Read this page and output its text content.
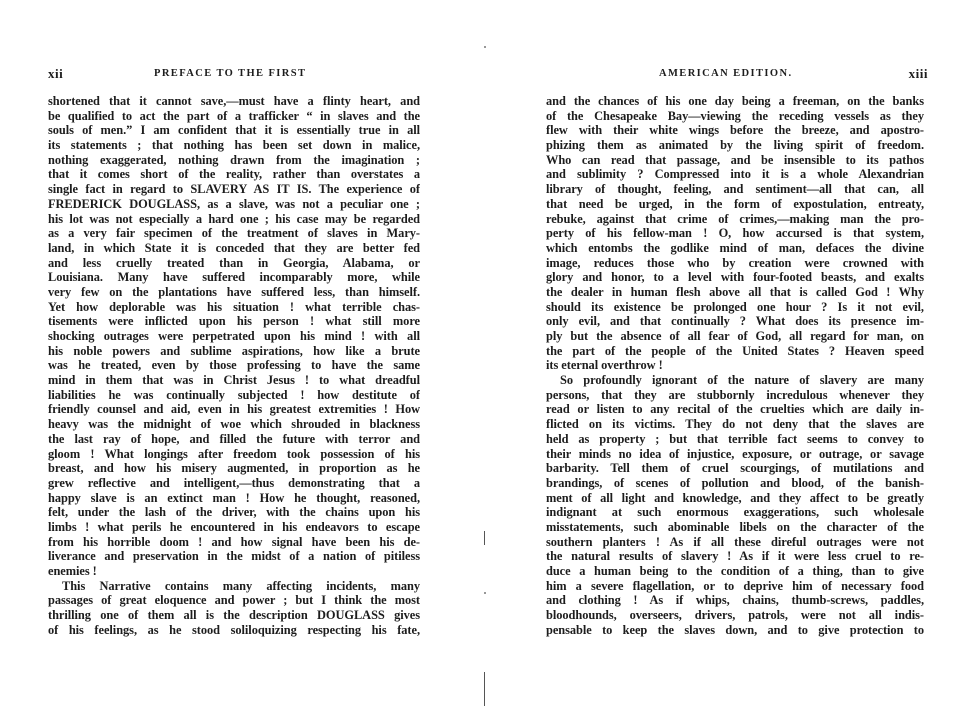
xii	PREFACE TO THE FIRST
shortened that it cannot save,—must have a flinty heart, and
be qualified to act the part of a trafficker “ in slaves and the
souls of men.” I am confident that it is essentially true in all
its statements ; that nothing has been set down in malice,
nothing exaggerated, nothing drawn from the imagination ;
that it comes short of the reality, rather than overstates a
single fact in regard to SLAVERY AS IT IS. The experience of
FREDERICK DOUGLASS, as a slave, was not a peculiar one ;
his lot was not especially a hard one ; his case may be regarded
as a very fair specimen of the treatment of slaves in Mary-
land, in which State it is conceded that they are better fed
and less cruelly treated than in Georgia, Alabama, or
Louisiana. Many have suffered incomparably more, while
very few on the plantations have suffered less, than himself.
Yet how deplorable was his situation ! what terrible chas-
tisements were inflicted upon his person ! what still more
shocking outrages were perpetrated upon his mind ! with all
his noble powers and sublime aspirations, how like a brute
was he treated, even by those professing to have the same
mind in them that was in Christ Jesus ! to what dreadful
liabilities he was continually subjected ! how destitute of
friendly counsel and aid, even in his greatest extremities ! How
heavy was the midnight of woe which shrouded in blackness
the last ray of hope, and filled the future with terror and
gloom ! What longings after freedom took possession of his
breast, and how his misery augmented, in proportion as he
grew reflective and intelligent,—thus demonstrating that a
happy slave is an extinct man ! How he thought, reasoned,
felt, under the lash of the driver, with the chains upon his
limbs ! what perils he encountered in his endeavors to escape
from his horrible doom ! and how signal have been his de-
liverance and preservation in the midst of a nation of pitiless
enemies !
This Narrative contains many affecting incidents, many
passages of great eloquence and power ; but I think the most
thrilling one of them all is the description DOUGLASS gives
of his feelings, as he stood soliloquizing respecting his fate,
AMERICAN EDITION.	xiii
and the chances of his one day being a freeman, on the banks
of the Chesapeake Bay—viewing the receding vessels as they
flew with their white wings before the breeze, and apostro-
phizing them as animated by the living spirit of freedom.
Who can read that passage, and be insensible to its pathos
and sublimity ? Compressed into it is a whole Alexandrian
library of thought, feeling, and sentiment—all that can, all
that need be urged, in the form of expostulation, entreaty,
rebuke, against that crime of crimes,—making man the pro-
perty of his fellow-man ! O, how accursed is that system,
which entombs the godlike mind of man, defaces the divine
image, reduces those who by creation were crowned with
glory and honor, to a level with four-footed beasts, and exalts
the dealer in human flesh above all that is called God ! Why
should its existence be prolonged one hour ? Is it not evil,
only evil, and that continually ? What does its presence im-
ply but the absence of all fear of God, all regard for man, on
the part of the people of the United States ? Heaven speed
its eternal overthrow !
So profoundly ignorant of the nature of slavery are many
persons, that they are stubbornly incredulous whenever they
read or listen to any recital of the cruelties which are daily in-
flicted on its victims. They do not deny that the slaves are
held as property ; but that terrible fact seems to convey to
their minds no idea of injustice, exposure, or outrage, or savage
barbarity. Tell them of cruel scourgings, of mutilations and
brandings, of scenes of pollution and blood, of the banish-
ment of all light and knowledge, and they affect to be greatly
indignant at such enormous exaggerations, such wholesale
misstatements, such abominable libels on the character of the
southern planters ! As if all these direful outrages were not
the natural results of slavery ! As if it were less cruel to re-
duce a human being to the condition of a thing, than to give
him a severe flagellation, or to deprive him of necessary food
and clothing ! As if whips, chains, thumb-screws, paddles,
bloodhounds, overseers, drivers, patrols, were not all indis-
pensable to keep the slaves down, and to give protection to
